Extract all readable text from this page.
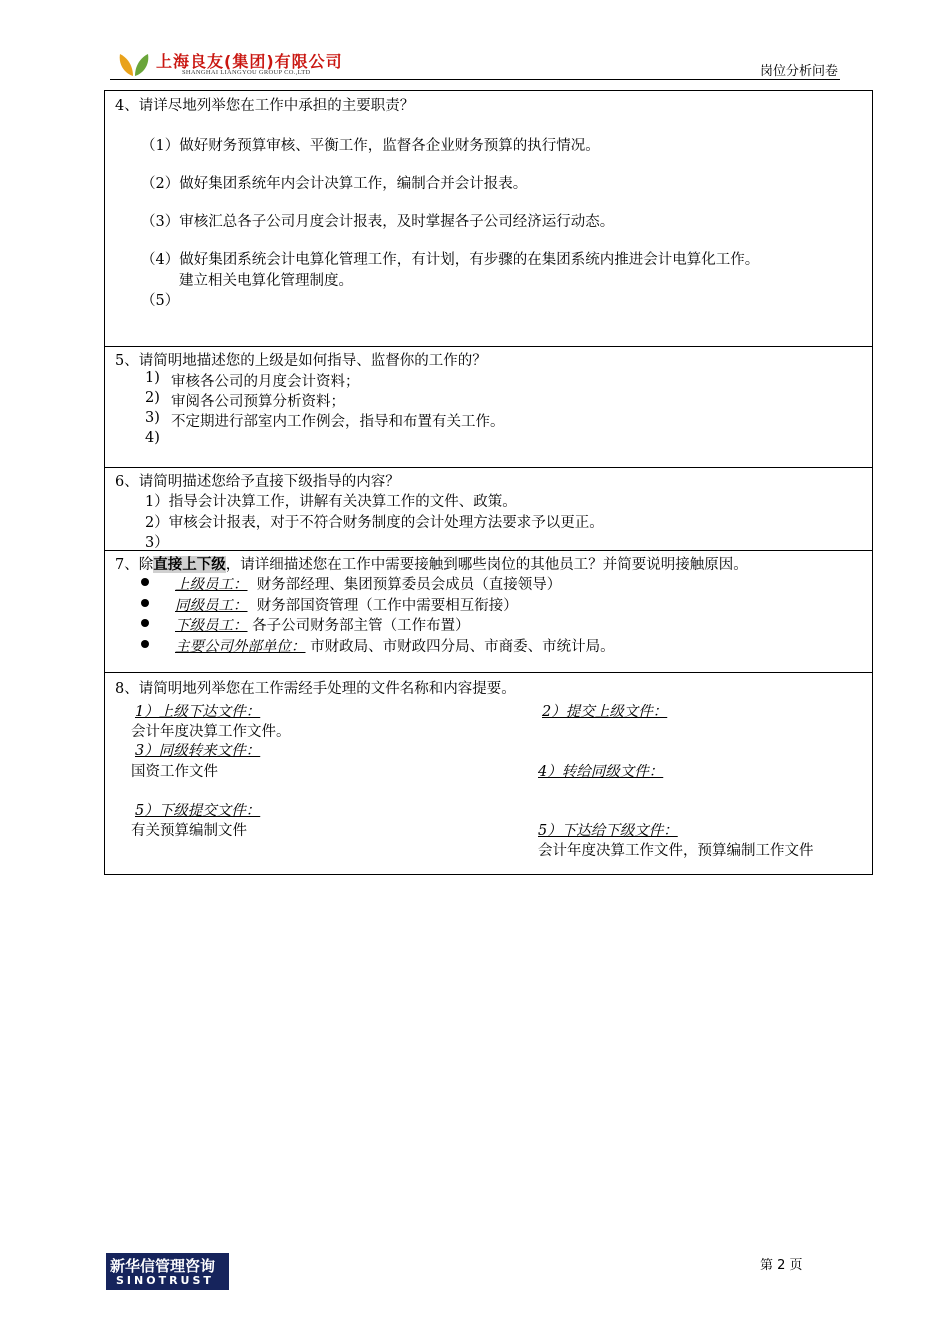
上海良友(集团)有限公司
SHANGHAI LIANGYOU GROUP CO.,LTD	岗位分析问卷
4、请详尽地列举您在工作中承担的主要职责？
（1）做好财务预算审核、平衡工作，监督各企业财务预算的执行情况。
（2）做好集团系统年内会计决算工作，编制合并会计报表。
（3）审核汇总各子公司月度会计报表，及时掌握各子公司经济运行动态。
（4）做好集团系统会计电算化管理工作，有计划，有步骤的在集团系统内推进会计电算化工作。
建立相关电算化管理制度。
（5）
5、请简明地描述您的上级是如何指导、监督你的工作的？
1) 审核各公司的月度会计资料；
2) 审阅各公司预算分析资料；
3) 不定期进行部室内工作例会，指导和布置有关工作。
4)
6、请简明描述您给予直接下级指导的内容？
1）指导会计决算工作，讲解有关决算工作的文件、政策。
2）审核会计报表，对于不符合财务制度的会计处理方法要求予以更正。
3）
7、除直接上下级，请详细描述您在工作中需要接触到哪些岗位的其他员工？并简要说明接触原因。
上级员工： 财务部经理、集团预算委员会成员（直接领导）
同级员工： 财务部国资管理（工作中需要相互衔接）
下级员工： 各子公司财务部主管（工作布置）
主要公司外部单位： 市财政局、市财政四分局、市商委、市统计局。
8、请简明地列举您在工作需经手处理的文件名称和内容提要。
1）上级下达文件：
会计年度决算工作文件。
3）同级转来文件：
国资工作文件
5）下级提交文件：
有关预算编制文件
2）提交上级文件：
4）转给同级文件：
5）下达给下级文件：
会计年度决算工作文件，预算编制工作文件
新华信管理咨询
SINOTRUST
第 2 页
